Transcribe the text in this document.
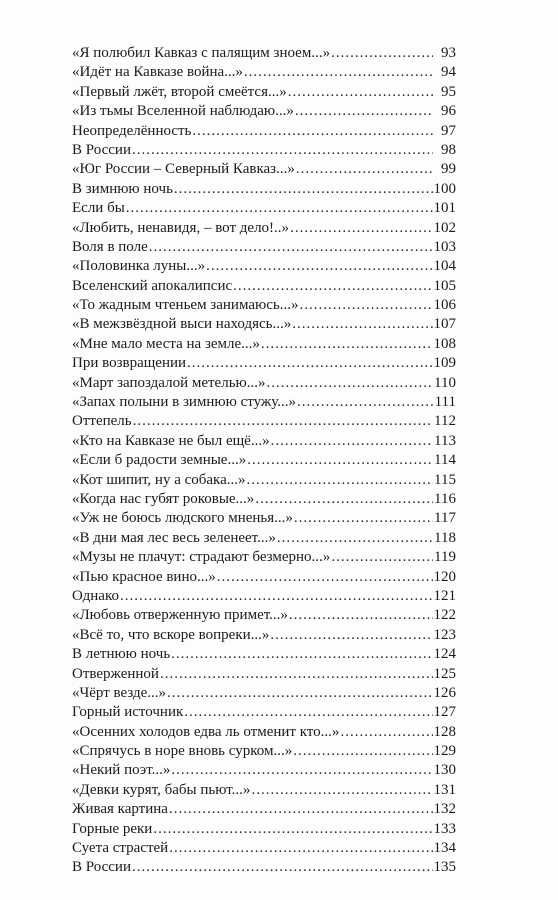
«Я полюбил Кавказ с палящим зноем...» .....	93
«Идёт на Кавказе война...» .....	94
«Первый лжёт, второй смеётся...» .....	95
«Из тьмы Вселенной наблюдаю...» .....	96
Неопределённость .....	97
В России .....	98
«Юг России – Северный Кавказ...» .....	99
В зимнюю ночь .....	100
Если бы .....	101
«Любить, ненавидя, – вот дело!..» .....	102
Воля в поле .....	103
«Половинка луны...» .....	104
Вселенский апокалипсис .....	105
«То жадным чтеньем занимаюсь...» .....	106
«В межзвёздной выси находясь...» .....	107
«Мне мало места на земле...» .....	108
При возвращении .....	109
«Март запоздалой метелью...» .....	110
«Запах полыни в зимнюю стужу...» .....	111
Оттепель .....	112
«Кто на Кавказе не был ещё...» .....	113
«Если б радости земные...» .....	114
«Кот шипит, ну а собака...» .....	115
«Когда нас губят роковые...» .....	116
«Уж не боюсь людского мненья...» .....	117
«В дни мая лес весь зеленеет...» .....	118
«Музы не плачут: страдают безмерно...» .....	119
«Пью красное вино...» .....	120
Однако .....	121
«Любовь отверженную примет...» .....	122
«Всё то, что вскоре вопреки...» .....	123
В летнюю ночь .....	124
Отверженной .....	125
«Чёрт везде...» .....	126
Горный источник .....	127
«Осенних холодов едва ль отменит кто...» .....	128
«Спрячусь в норе вновь сурком...» .....	129
«Некий поэт...» .....	130
«Девки курят, бабы пьют...» .....	131
Живая картина .....	132
Горные реки .....	133
Суета страстей .....	134
В России .....	135
